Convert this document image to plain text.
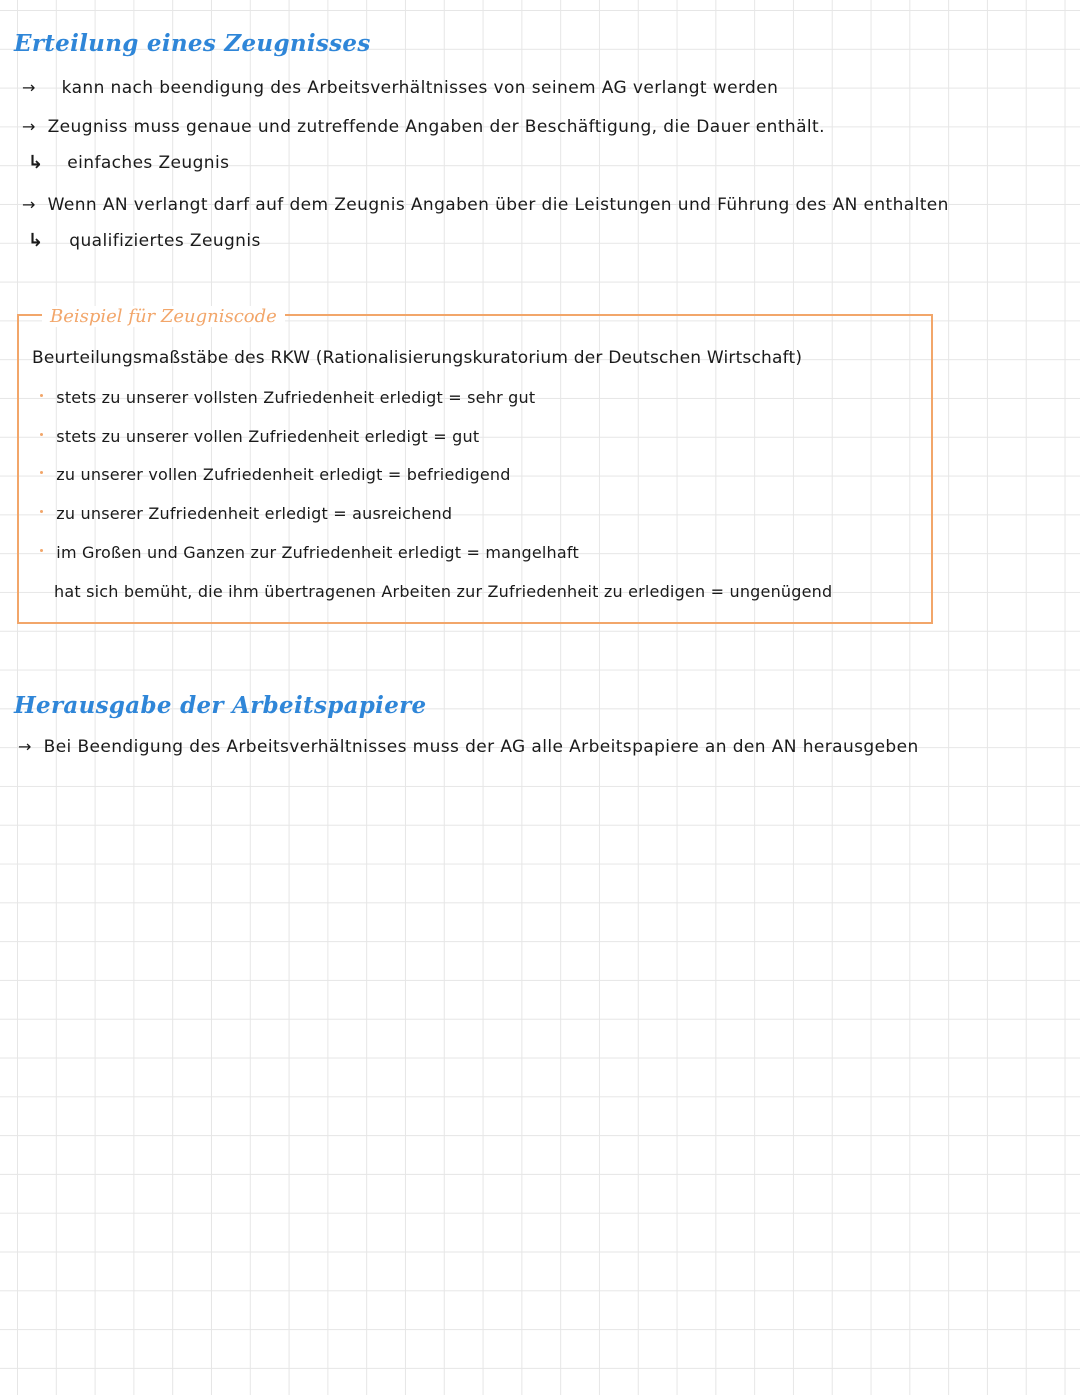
Erteilung eines Zeugnisses
→ kann nach beendigung des Arbeitsverhältnisses von seinem AG verlangt werden
→ Zeugniss muss genaue und zutreffende Angaben der Beschäftigung, die Dauer enthält.
↳ einfaches Zeugnis
→ Wenn AN verlangt darf auf dem Zeugnis Angaben über die Leistungen und Führung des AN enthalten
↳ qualifiziertes Zeugnis
Beispiel für Zeugniscode
Beurteilungsmaßstäbe des RKW (Rationalisierungskuratorium der Deutschen Wirtschaft)
stets zu unserer vollsten Zufriedenheit erledigt = sehr gut
stets zu unserer vollen Zufriedenheit erledigt = gut
zu unserer vollen Zufriedenheit erledigt = befriedigend
zu unserer Zufriedenheit erledigt = ausreichend
im Großen und Ganzen zur Zufriedenheit erledigt = mangelhaft
hat sich bemüht, die ihm übertragenen Arbeiten zur Zufriedenheit zu erledigen = ungenügend
Herausgabe der Arbeitspapiere
→ Bei Beendigung des Arbeitsverhältnisses muss der AG alle Arbeitspapiere an den AN herausgeben
